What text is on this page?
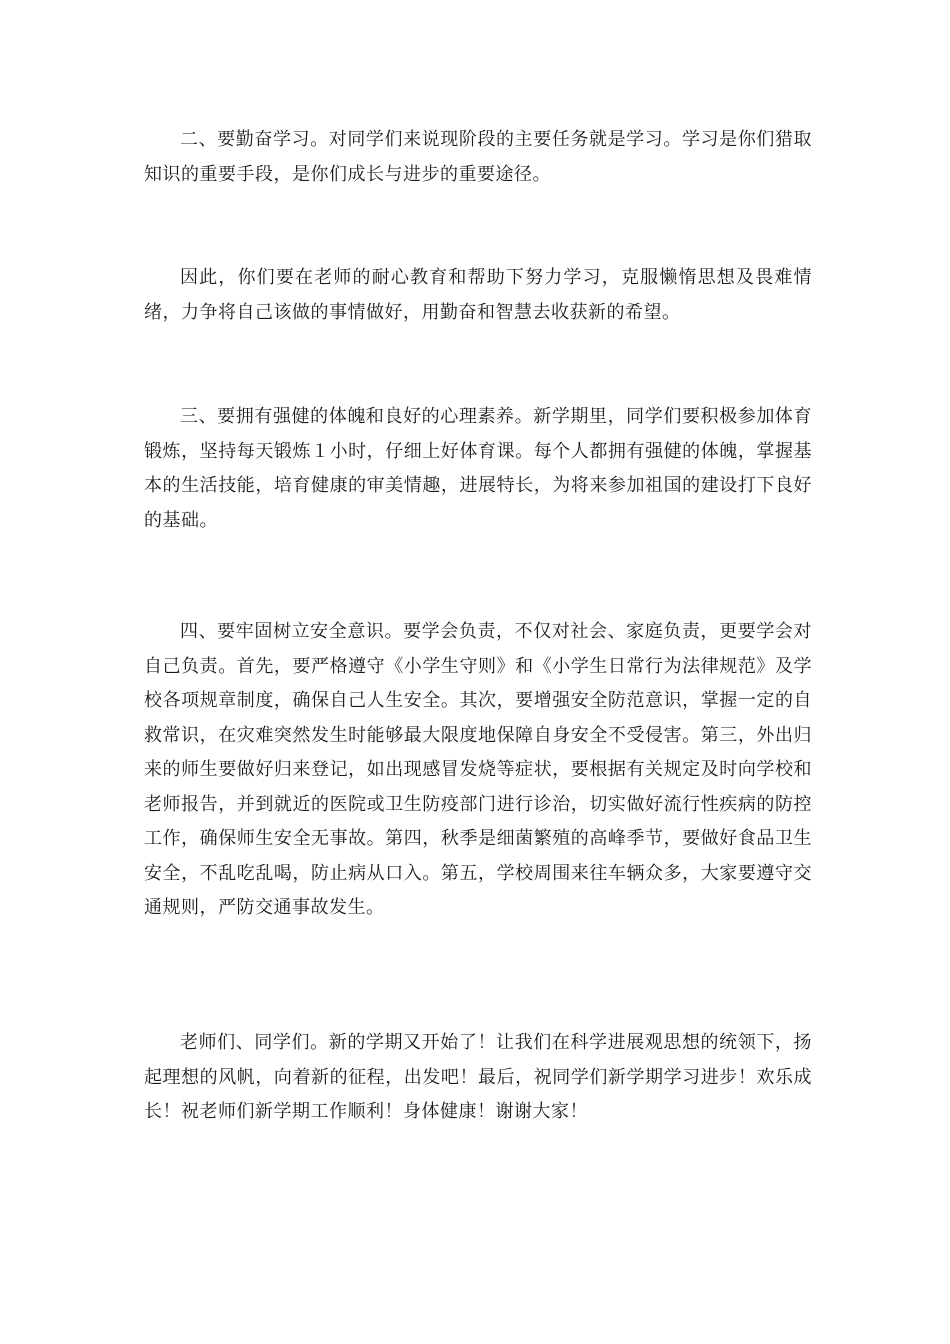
二、要勤奋学习。对同学们来说现阶段的主要任务就是学习。学习是你们猎取知识的重要手段，是你们成长与进步的重要途径。

因此，你们要在老师的耐心教育和帮助下努力学习，克服懒惰思想及畏难情绪，力争将自己该做的事情做好，用勤奋和智慧去收获新的希望。

三、要拥有强健的体魄和良好的心理素养。新学期里，同学们要积极参加体育锻炼，坚持每天锻炼１小时，仔细上好体育课。每个人都拥有强健的体魄，掌握基本的生活技能，培育健康的审美情趣，进展特长，为将来参加祖国的建设打下良好的基础。

四、要牢固树立安全意识。要学会负责，不仅对社会、家庭负责，更要学会对自己负责。首先，要严格遵守《小学生守则》和《小学生日常行为法律规范》及学校各项规章制度，确保自己人生安全。其次，要增强安全防范意识，掌握一定的自救常识，在灾难突然发生时能够最大限度地保障自身安全不受侵害。第三，外出归来的师生要做好归来登记，如出现感冒发烧等症状，要根据有关规定及时向学校和老师报告，并到就近的医院或卫生防疫部门进行诊治，切实做好流行性疾病的防控工作，确保师生安全无事故。第四，秋季是细菌繁殖的高峰季节，要做好食品卫生安全，不乱吃乱喝，防止病从口入。第五，学校周围来往车辆众多，大家要遵守交通规则，严防交通事故发生。

老师们、同学们。新的学期又开始了！让我们在科学进展观思想的统领下，扬起理想的风帆，向着新的征程，出发吧！最后，祝同学们新学期学习进步！欢乐成长！祝老师们新学期工作顺利！身体健康！谢谢大家！
